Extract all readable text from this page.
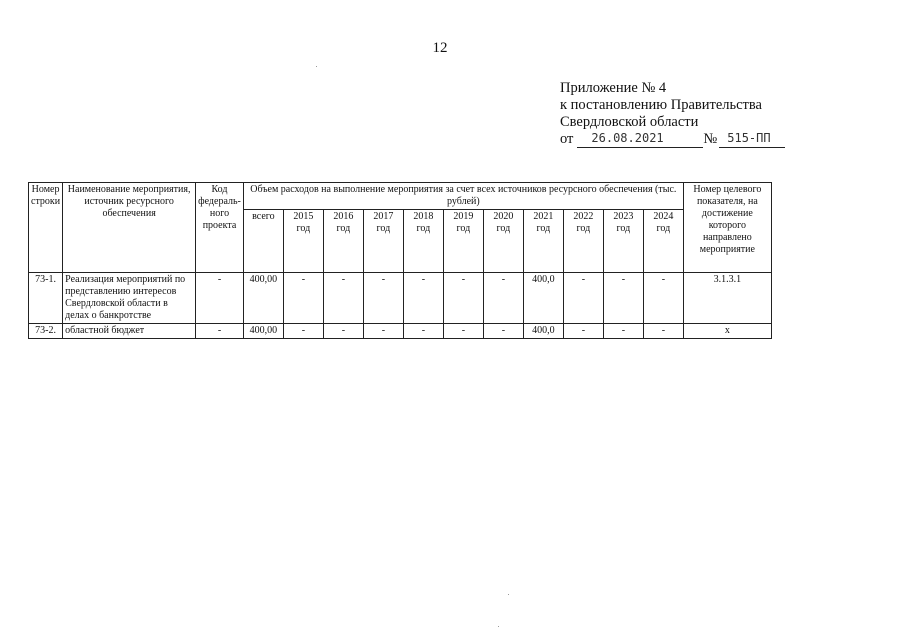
12
Приложение № 4
к постановлению Правительства
Свердловской области
от 26.08.2021	№ 515-ПП
Номер строки	Наименование мероприятия, источник ресурсного обеспечения	Код федераль-ного проекта	Объем расходов на выполнение мероприятия за счет всех источников ресурсного обеспечения (тыс. рублей)											Номер целевого показателя, на достижение которого направлено мероприятие
			всего	2015 год	2016 год	2017 год	2018 год	2019 год	2020 год	2021 год	2022 год	2023 год	2024 год	
73-1.	Реализация мероприятий по представлению интересов Свердловской области в делах о банкротстве	-	400,00	-	-	-	-	-	-	400,0	-	-	-	3.1.3.1
73-2.	областной бюджет	-	400,00	-	-	-	-	-	-	400,0	-	-	-	x
